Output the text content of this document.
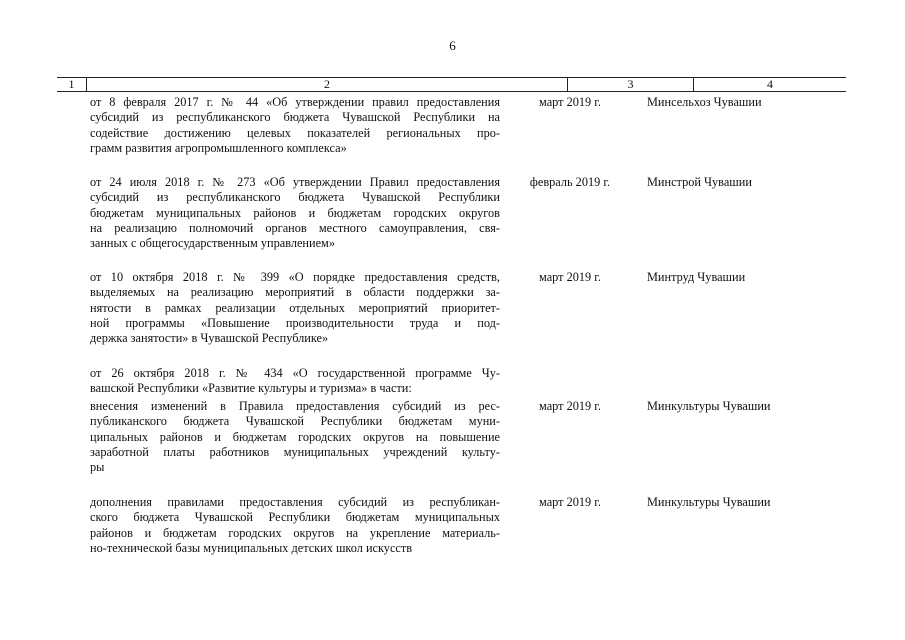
6
1	2	3	4
от 8 февраля 2017 г. № 44 «Об утверждении правил предоставления
субсидий из республиканского бюджета Чувашской Республики на
содействие достижению целевых показателей региональных про-
грамм развития агропромышленного комплекса»
март 2019 г.	Минсельхоз Чувашии
от 24 июля 2018 г. № 273 «Об утверждении Правил предоставления
субсидий из республиканского бюджета Чувашской Республики
бюджетам муниципальных районов и бюджетам городских округов
на реализацию полномочий органов местного самоуправления, свя-
занных с общегосударственным управлением»
февраль 2019 г.	Минстрой Чувашии
от 10 октября 2018 г. № 399 «О порядке предоставления средств,
выделяемых на реализацию мероприятий в области поддержки за-
нятости в рамках реализации отдельных мероприятий приоритет-
ной программы «Повышение производительности труда и под-
держка занятости» в Чувашской Республике»
март 2019 г.	Минтруд Чувашии
от 26 октября 2018 г. № 434 «О государственной программе Чу-
вашской Республики «Развитие культуры и туризма» в части:
внесения изменений в Правила предоставления субсидий из рес-
публиканского бюджета Чувашской Республики бюджетам муни-
ципальных районов и бюджетам городских округов на повышение
заработной платы работников муниципальных учреждений культу-
ры
март 2019 г.	Минкультуры Чувашии
дополнения правилами предоставления субсидий из республикан-
ского бюджета Чувашской Республики бюджетам муниципальных
районов и бюджетам городских округов на укрепление материаль-
но-технической базы муниципальных детских школ искусств
март 2019 г.	Минкультуры Чувашии
